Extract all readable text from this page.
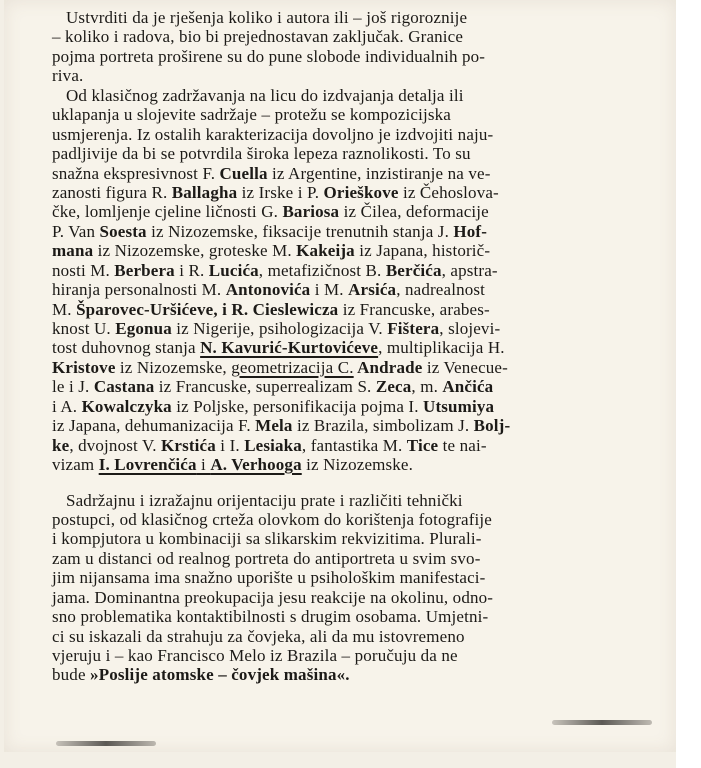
Ustvrditi da je rješenja koliko i autora ili – još rigoroznije
– koliko i radova, bio bi prejednostavan zaključak. Granice
pojma portreta proširene su do pune slobode individualnih po-
riva.
Od klasičnog zadržavanja na licu do izdvajanja detalja ili
uklapanja u slojevite sadržaje – protežu se kompozicijska
usmjerenja. Iz ostalih karakterizacija dovoljno je izdvojiti naju-
padljivije da bi se potvrdila široka lepeza raznolikosti. To su
snažna ekspresivnost F. Cuella iz Argentine, inzistiranje na ve-
zanosti figura R. Ballagha iz Irske i P. Orieškove iz Čehoslova-
čke, lomljenje cjeline ličnosti G. Bariosa iz Čilea, deformacije
P. Van Soesta iz Nizozemske, fiksacije trenutnih stanja J. Hof-
mana iz Nizozemske, groteske M. Kakeija iz Japana, historič-
nosti M. Berbera i R. Lucića, metafizičnost B. Berčića, apstra-
hiranja personalnosti M. Antonovića i M. Arsića, nadrealnost
M. Šparovec-Uršićeve, i R. Cieslewicza iz Francuske, arabes-
knost U. Egonua iz Nigerije, psihologizacija V. Fištera, slojevi-
tost duhovnog stanja N. Kavurić-Kurtovićeve, multiplikacija H.
Kristove iz Nizozemske, geometrizacija C. Andrade iz Venecue-
le i J. Castana iz Francuske, superrealizam S. Zeca, m. Ančića
i A. Kowalczyka iz Poljske, personifikacija pojma I. Utsumiya
iz Japana, dehumanizacija F. Mela iz Brazila, simbolizam J. Bolj-
ke, dvojnost V. Krstića i I. Lesiaka, fantastika M. Tice te nai-
vizam I. Lovrenčića i A. Verhooga iz Nizozemske.
Sadržajnu i izražajnu orijentaciju prate i različiti tehnički
postupci, od klasičnog crteža olovkom do korištenja fotografije
i kompjutora u kombinaciji sa slikarskim rekvizitima. Plurali-
zam u distanci od realnog portreta do antiportreta u svim svo-
jim nijansama ima snažno uporište u psihološkim manifestaci-
jama. Dominantna preokupacija jesu reakcije na okolinu, odno-
sno problematika kontaktibilnosti s drugim osobama. Umjetni-
ci su iskazali da strahuju za čovjeka, ali da mu istovremeno
vjeruju i – kao Francisco Melo iz Brazila – poručuju da ne
bude »Poslije atomske – čovjek mašina«.
